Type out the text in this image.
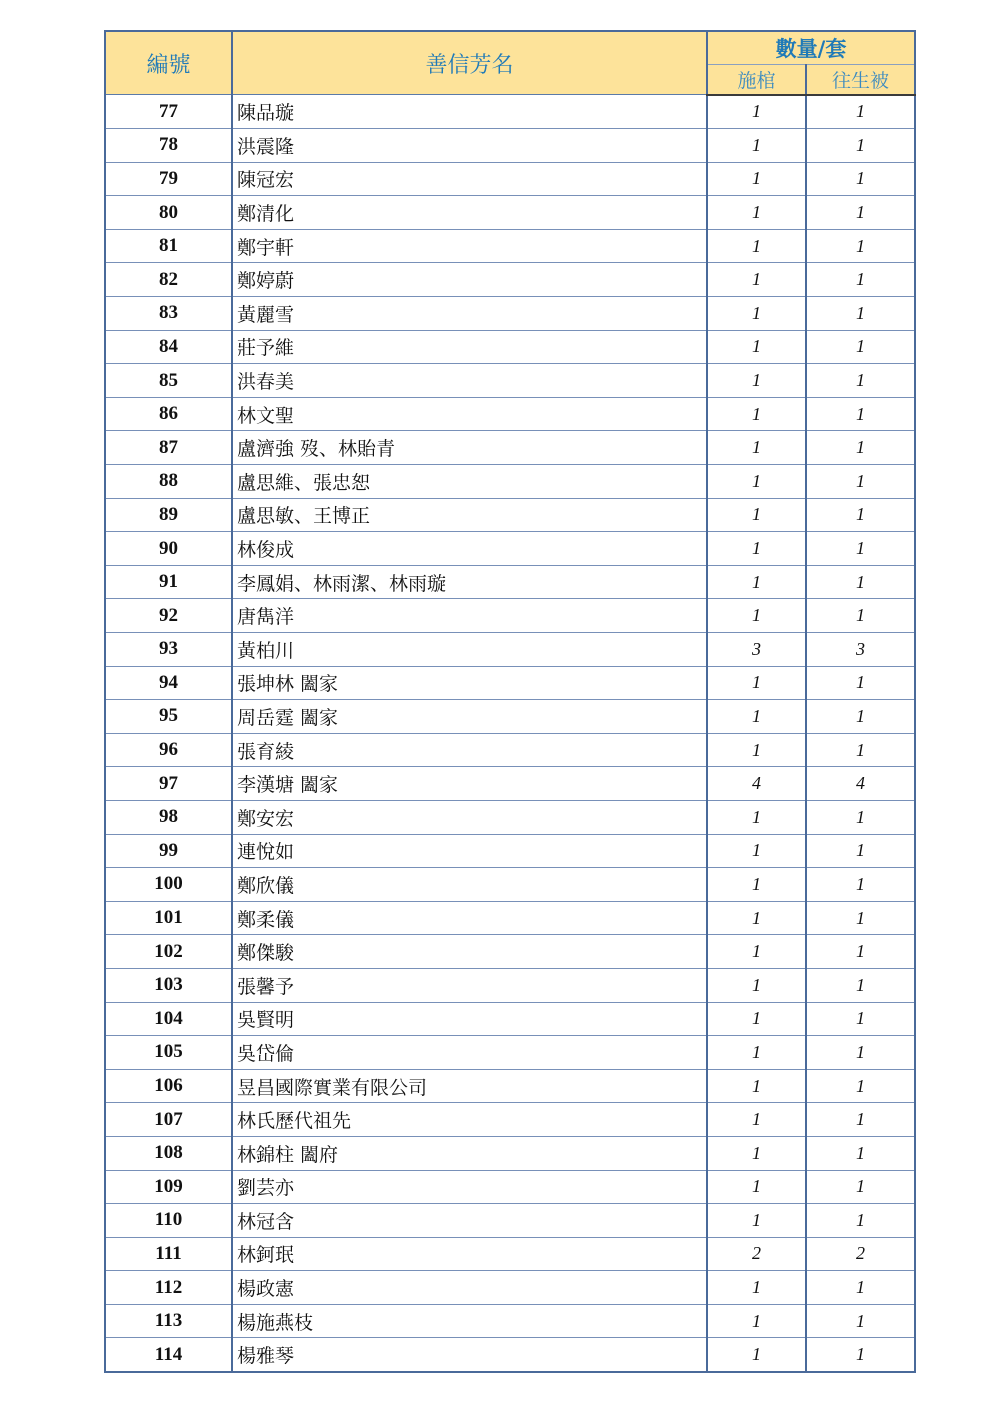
編號	善信芳名	數量/套	
		施棺	往生被
77	陳品璇	1	1
78	洪震隆	1	1
79	陳冠宏	1	1
80	鄭清化	1	1
81	鄭宇軒	1	1
82	鄭婷蔚	1	1
83	黃麗雪	1	1
84	莊予維	1	1
85	洪春美	1	1
86	林文聖	1	1
87	盧濟強 歿、林貽青	1	1
88	盧思維、張忠恕	1	1
89	盧思敏、王博正	1	1
90	林俊成	1	1
91	李鳳娟、林雨潔、林雨璇	1	1
92	唐雋洋	1	1
93	黃柏川	3	3
94	張坤林 闔家	1	1
95	周岳霆 闔家	1	1
96	張育綾	1	1
97	李漢塘 闔家	4	4
98	鄭安宏	1	1
99	連悅如	1	1
100	鄭欣儀	1	1
101	鄭柔儀	1	1
102	鄭傑駿	1	1
103	張馨予	1	1
104	吳賢明	1	1
105	吳岱倫	1	1
106	昱昌國際實業有限公司	1	1
107	林氏歷代祖先	1	1
108	林錦柱 闔府	1	1
109	劉芸亦	1	1
110	林冠含	1	1
111	林鈳珉	2	2
112	楊政憲	1	1
113	楊施燕枝	1	1
114	楊雅琴	1	1
